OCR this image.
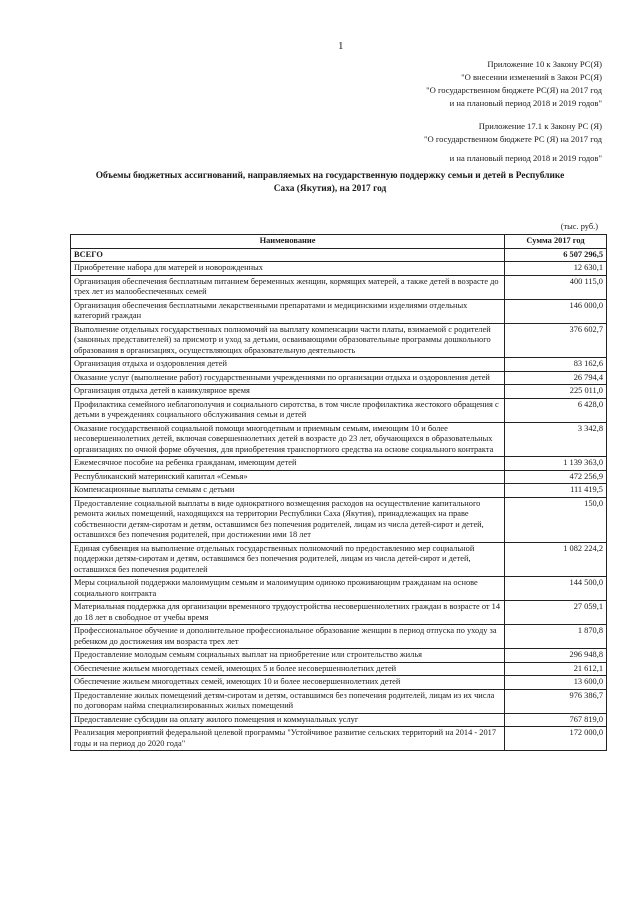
1
Приложение 10 к Закону РС(Я)
"О внесении изменений в Закон РС(Я)
"О государственном бюджете РС(Я) на 2017 год
и на плановый период 2018 и 2019 годов"
Приложение 17.1 к Закону РС (Я)
"О государственном бюджете РС (Я) на 2017 год
и на плановый период 2018 и 2019 годов"
Объемы бюджетных ассигнований, направляемых на государственную поддержку семьи и детей в Республике
Саха (Якутия), на 2017 год
(тыс. руб.)
Наименование	Сумма 2017 год
ВСЕГО	6 507 296,5
Приобретение набора для матерей и новорожденных	12 630,1
Организация обеспечения бесплатным питанием беременных женщин, кормящих матерей, а также детей в возрасте до трех лет из малообеспеченных семей	400 115,0
Организация обеспечения бесплатными лекарственными препаратами и медицинскими изделиями отдельных категорий граждан	146 000,0
Выполнение отдельных государственных полномочий на выплату компенсации части платы, взимаемой с родителей (законных представителей) за присмотр и уход за детьми, осваивающими образовательные программы дошкольного образования в организациях, осуществляющих образовательную деятельность	376 602,7
Организация отдыха и оздоровления детей	83 162,6
Оказание услуг (выполнение работ) государственными учреждениями по организации отдыха и оздоровления детей	26 794,4
Организация отдыха детей в каникулярное время	225 011,0
Профилактика семейного неблагополучия и социального сиротства, в том числе профилактика жестокого обращения с детьми в учреждениях социального обслуживания семьи и детей	6 428,0
Оказание государственной социальной помощи многодетным и приемным семьям, имеющим 10 и более несовершеннолетних детей, включая совершеннолетних детей в возрасте до 23 лет, обучающихся в образовательных организациях по очной форме обучения, для приобретения транспортного средства на основе социального контракта	3 342,8
Ежемесячное пособие на ребенка гражданам, имеющим детей	1 139 363,0
Республиканский материнский капитал «Семья»	472 256,9
Компенсационные выплаты семьям с детьми	111 419,5
Предоставление социальной выплаты в виде однократного возмещения расходов на осуществление капитального ремонта жилых помещений, находящихся на территории Республики Саха (Якутия), принадлежащих на праве собственности детям-сиротам и детям, оставшимся без попечения родителей, лицам из числа детей-сирот и детей, оставшихся без попечения родителей, при достижении ими 18 лет	150,0
Единая субвенция на выполнение отдельных государственных полномочий по предоставлению мер социальной поддержки детям-сиротам и детям, оставшимся без попечения родителей, лицам из числа детей-сирот и детей, оставшихся без попечения родителей	1 082 224,2
Меры социальной поддержки малоимущим семьям и малоимущим одиноко проживающим гражданам на основе социального контракта	144 500,0
Материальная поддержка для организации временного трудоустройства несовершеннолетних граждан в возрасте от 14 до 18 лет в свободное от учебы время	27 059,1
Профессиональное обучение и дополнительное профессиональное образование женщин в период отпуска по уходу за ребенком до достижения им возраста трех лет	1 870,8
Предоставление молодым семьям социальных выплат на приобретение или строительство жилья	296 948,8
Обеспечение жильем многодетных семей, имеющих 5 и более несовершеннолетних детей	21 612,1
Обеспечение жильем многодетных семей, имеющих 10 и более несовершеннолетних детей	13 600,0
Предоставление жилых помещений детям-сиротам и детям, оставшимся без попечения родителей, лицам из их числа по договорам найма специализированных жилых помещений	976 386,7
Предоставление субсидии на оплату жилого помещения и коммунальных услуг	767 819,0
Реализация мероприятий федеральной целевой программы "Устойчивое развитие сельских территорий на 2014 - 2017 годы и на период до 2020 года"	172 000,0
